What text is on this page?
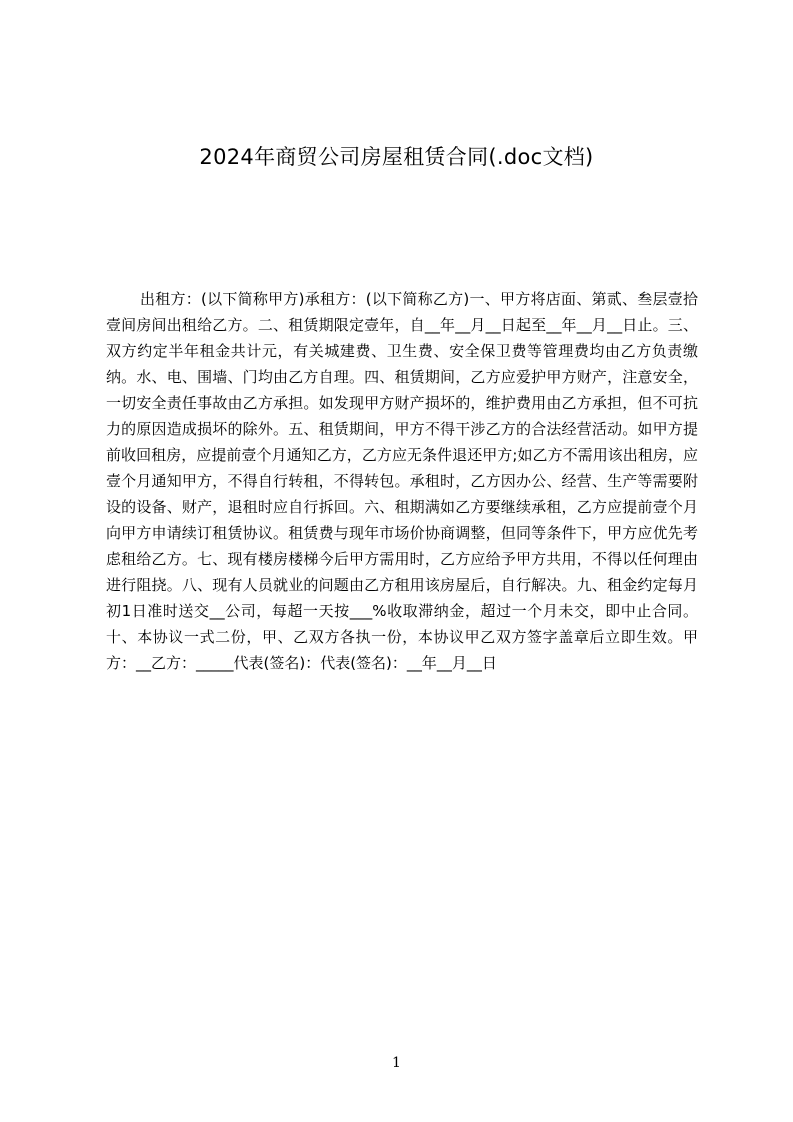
2024年商贸公司房屋租赁合同(.doc文档)

出租方：(以下简称甲方)承租方：(以下简称乙方)一、甲方将店面、第贰、叁层壹拾壹间房间出租给乙方。二、租赁期限定壹年，自__年__月__日起至__年__月__日止。三、双方约定半年租金共计元，有关城建费、卫生费、安全保卫费等管理费均由乙方负责缴纳。水、电、围墙、门均由乙方自理。四、租赁期间，乙方应爱护甲方财产，注意安全，一切安全责任事故由乙方承担。如发现甲方财产损坏的，维护费用由乙方承担，但不可抗力的原因造成损坏的除外。五、租赁期间，甲方不得干涉乙方的合法经营活动。如甲方提前收回租房，应提前壹个月通知乙方，乙方应无条件退还甲方;如乙方不需用该出租房，应壹个月通知甲方，不得自行转租，不得转包。承租时，乙方因办公、经营、生产等需要附设的设备、财产，退租时应自行拆回。六、租期满如乙方要继续承租，乙方应提前壹个月向甲方申请续订租赁协议。租赁费与现年市场价协商调整，但同等条件下，甲方应优先考虑租给乙方。七、现有楼房楼梯今后甲方需用时，乙方应给予甲方共用，不得以任何理由进行阻挠。八、现有人员就业的问题由乙方租用该房屋后，自行解决。九、租金约定每月初1日准时送交__公司，每超一天按___%收取滞纳金，超过一个月未交，即中止合同。十、本协议一式二份，甲、乙双方各执一份，本协议甲乙双方签字盖章后立即生效。甲方：__乙方：_____代表(签名)：代表(签名)：__年__月__日

1
